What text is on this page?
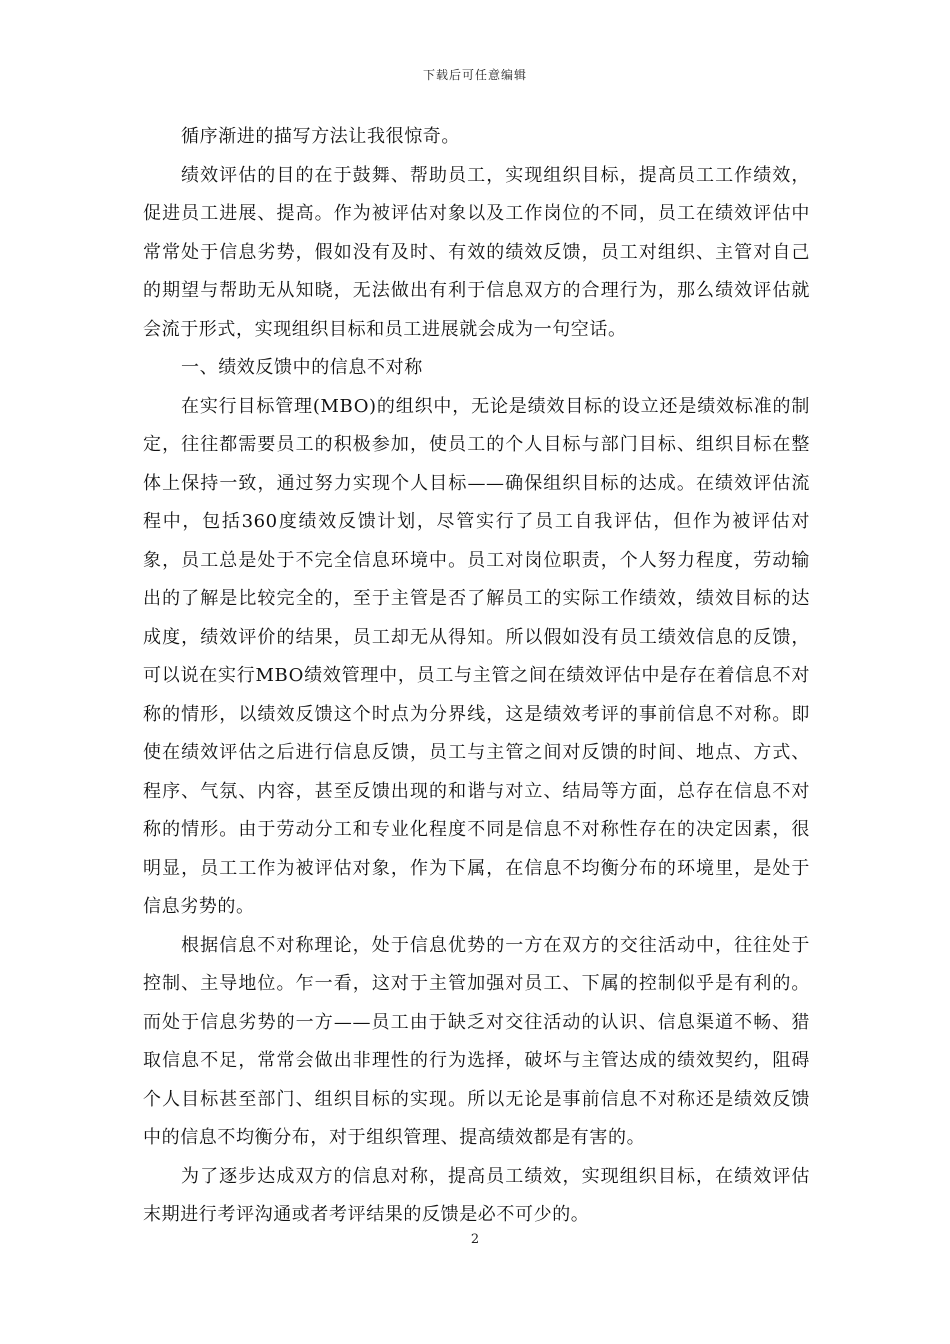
下载后可任意编辑

循序渐进的描写方法让我很惊奇。

绩效评估的目的在于鼓舞、帮助员工，实现组织目标，提高员工工作绩效，促进员工进展、提高。作为被评估对象以及工作岗位的不同，员工在绩效评估中常常处于信息劣势，假如没有及时、有效的绩效反馈，员工对组织、主管对自己的期望与帮助无从知晓，无法做出有利于信息双方的合理行为，那么绩效评估就会流于形式，实现组织目标和员工进展就会成为一句空话。

一、绩效反馈中的信息不对称

在实行目标管理(MBO)的组织中，无论是绩效目标的设立还是绩效标准的制定，往往都需要员工的积极参加，使员工的个人目标与部门目标、组织目标在整体上保持一致，通过努力实现个人目标——确保组织目标的达成。在绩效评估流程中，包括360度绩效反馈计划，尽管实行了员工自我评估，但作为被评估对象，员工总是处于不完全信息环境中。员工对岗位职责，个人努力程度，劳动输出的了解是比较完全的，至于主管是否了解员工的实际工作绩效，绩效目标的达成度，绩效评价的结果，员工却无从得知。所以假如没有员工绩效信息的反馈，可以说在实行MBO绩效管理中，员工与主管之间在绩效评估中是存在着信息不对称的情形，以绩效反馈这个时点为分界线，这是绩效考评的事前信息不对称。即使在绩效评估之后进行信息反馈，员工与主管之间对反馈的时间、地点、方式、程序、气氛、内容，甚至反馈出现的和谐与对立、结局等方面，总存在信息不对称的情形。由于劳动分工和专业化程度不同是信息不对称性存在的决定因素，很明显，员工工作为被评估对象，作为下属，在信息不均衡分布的环境里，是处于信息劣势的。

根据信息不对称理论，处于信息优势的一方在双方的交往活动中，往往处于控制、主导地位。乍一看，这对于主管加强对员工、下属的控制似乎是有利的。而处于信息劣势的一方——员工由于缺乏对交往活动的认识、信息渠道不畅、猎取信息不足，常常会做出非理性的行为选择，破坏与主管达成的绩效契约，阻碍个人目标甚至部门、组织目标的实现。所以无论是事前信息不对称还是绩效反馈中的信息不均衡分布，对于组织管理、提高绩效都是有害的。

为了逐步达成双方的信息对称，提高员工绩效，实现组织目标，在绩效评估末期进行考评沟通或者考评结果的反馈是必不可少的。

2
